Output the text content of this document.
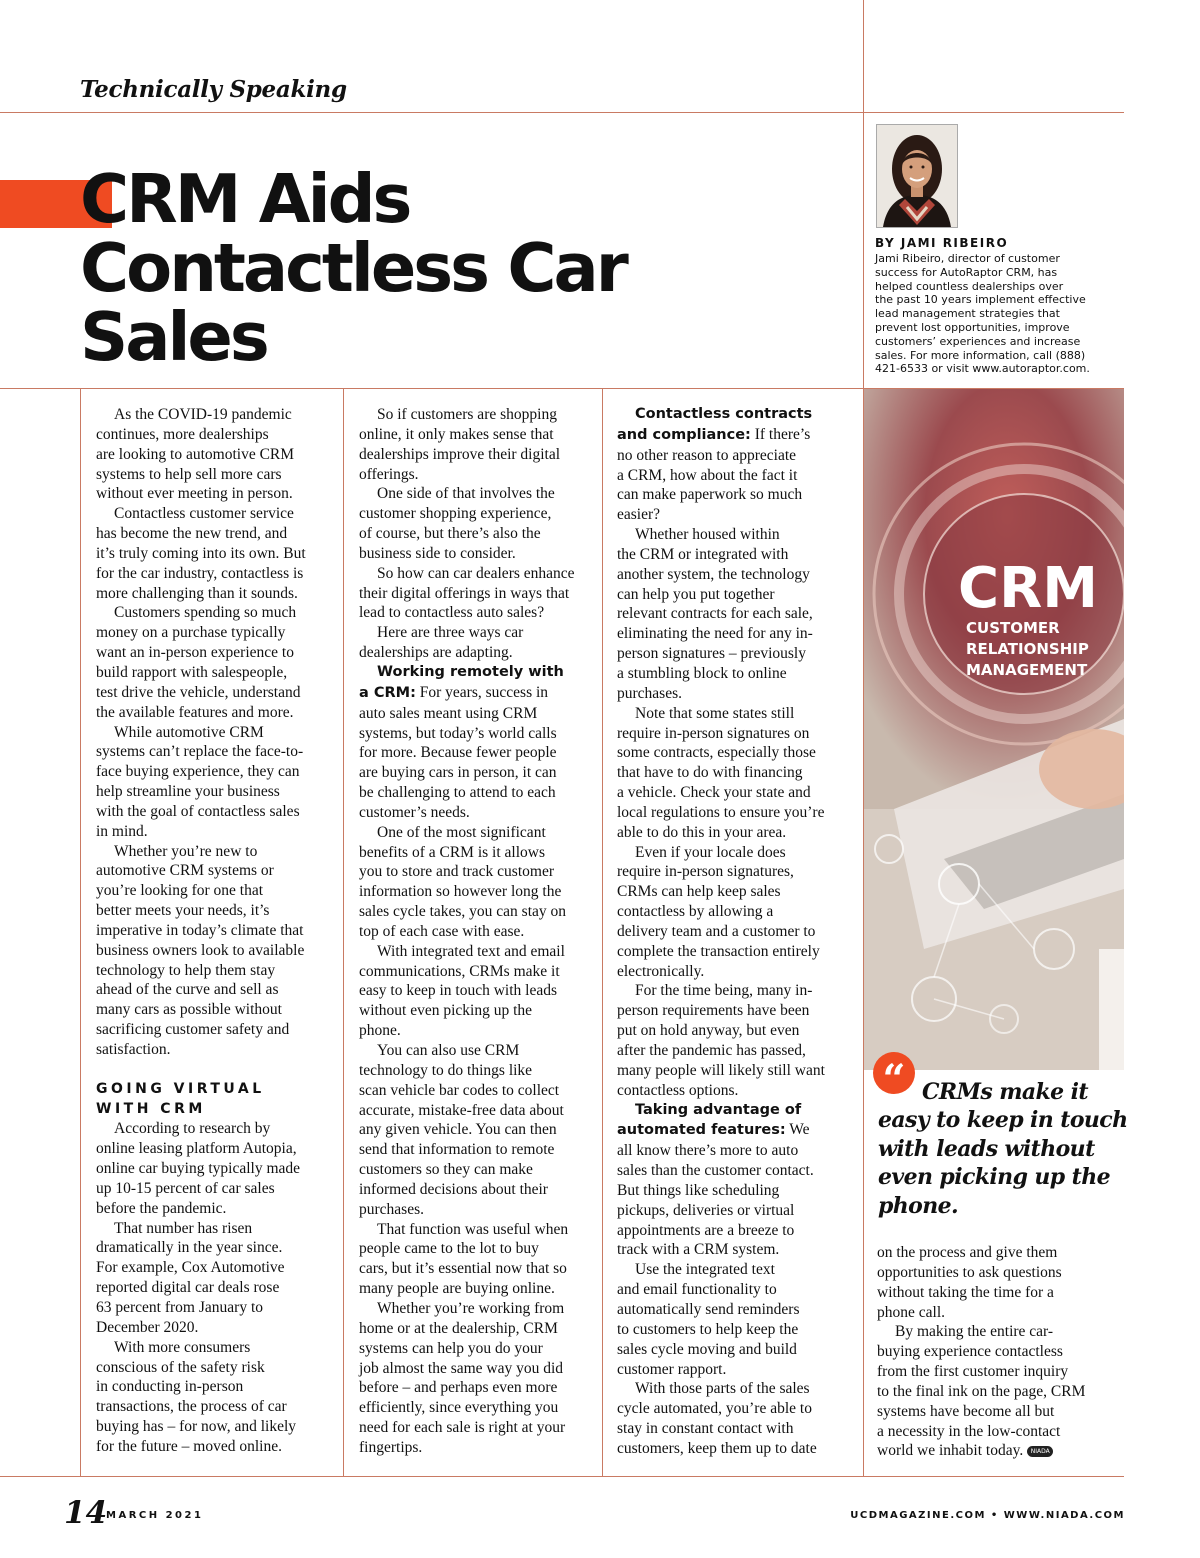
Technically Speaking
CRM Aids
Contactless Car
Sales
BY JAMI RIBEIRO
Jami Ribeiro, director of customer
success for AutoRaptor CRM, has
helped countless dealerships over
the past 10 years implement effective
lead management strategies that
prevent lost opportunities, improve
customers’ experiences and increase
sales. For more information, call (888)
421-6533 or visit www.autoraptor.com.

As the COVID-19 pandemic
continues, more dealerships
are looking to automotive CRM
systems to help sell more cars
without ever meeting in person.

Contactless customer service
has become the new trend, and
it’s truly coming into its own. But
for the car industry, contactless is
more challenging than it sounds.

Customers spending so much
money on a purchase typically
want an in-person experience to
build rapport with salespeople,
test drive the vehicle, understand
the available features and more.

While automotive CRM
systems can’t replace the face-to-
face buying experience, they can
help streamline your business
with the goal of contactless sales
in mind.

Whether you’re new to
automotive CRM systems or
you’re looking for one that
better meets your needs, it’s
imperative in today’s climate that
business owners look to available
technology to help them stay
ahead of the curve and sell as
many cars as possible without
sacrificing customer safety and
satisfaction.

GOING VIRTUAL
WITH CRM

According to research by
online leasing platform Autopia,
online car buying typically made
up 10-15 percent of car sales
before the pandemic.

That number has risen
dramatically in the year since.
For example, Cox Automotive
reported digital car deals rose
63 percent from January to
December 2020.

With more consumers
conscious of the safety risk
in conducting in-person
transactions, the process of car
buying has – for now, and likely
for the future – moved online.

So if customers are shopping
online, it only makes sense that
dealerships improve their digital
offerings.

One side of that involves the
customer shopping experience,
of course, but there’s also the
business side to consider.

So how can car dealers enhance
their digital offerings in ways that
lead to contactless auto sales?

Here are three ways car
dealerships are adapting.

Working remotely with
a CRM: For years, success in
auto sales meant using CRM
systems, but today’s world calls
for more. Because fewer people
are buying cars in person, it can
be challenging to attend to each
customer’s needs.

One of the most significant
benefits of a CRM is it allows
you to store and track customer
information so however long the
sales cycle takes, you can stay on
top of each case with ease.

With integrated text and email
communications, CRMs make it
easy to keep in touch with leads
without even picking up the
phone.

You can also use CRM
technology to do things like
scan vehicle bar codes to collect
accurate, mistake-free data about
any given vehicle. You can then
send that information to remote
customers so they can make
informed decisions about their
purchases.

That function was useful when
people came to the lot to buy
cars, but it’s essential now that so
many people are buying online.

Whether you’re working from
home or at the dealership, CRM
systems can help you do your
job almost the same way you did
before – and perhaps even more
efficiently, since everything you
need for each sale is right at your
fingertips.

Contactless contracts
and compliance: If there’s
no other reason to appreciate
a CRM, how about the fact it
can make paperwork so much
easier?

Whether housed within
the CRM or integrated with
another system, the technology
can help you put together
relevant contracts for each sale,
eliminating the need for any in-
person signatures – previously
a stumbling block to online
purchases.

Note that some states still
require in-person signatures on
some contracts, especially those
that have to do with financing
a vehicle. Check your state and
local regulations to ensure you’re
able to do this in your area.

Even if your locale does
require in-person signatures,
CRMs can help keep sales
contactless by allowing a
delivery team and a customer to
complete the transaction entirely
electronically.

For the time being, many in-
person requirements have been
put on hold anyway, but even
after the pandemic has passed,
many people will likely still want
contactless options.

Taking advantage of
automated features: We
all know there’s more to auto
sales than the customer contact.
But things like scheduling
pickups, deliveries or virtual
appointments are a breeze to
track with a CRM system.

Use the integrated text
and email functionality to
automatically send reminders
to customers to help keep the
sales cycle moving and build
customer rapport.

With those parts of the sales
cycle automated, you’re able to
stay in constant contact with
customers, keep them up to date

CRM
CUSTOMER
RELATIONSHIP
MANAGEMENT
“ CRMs make it
easy to keep in touch
with leads without
even picking up the
phone.

on the process and give them
opportunities to ask questions
without taking the time for a
phone call.

By making the entire car-
buying experience contactless
from the first customer inquiry
to the final ink on the page, CRM
systems have become all but
a necessity in the low-contact
world we inhabit today. NIADA

14
MARCH 2021	UCDMAGAZINE.COM • WWW.NIADA.COM
